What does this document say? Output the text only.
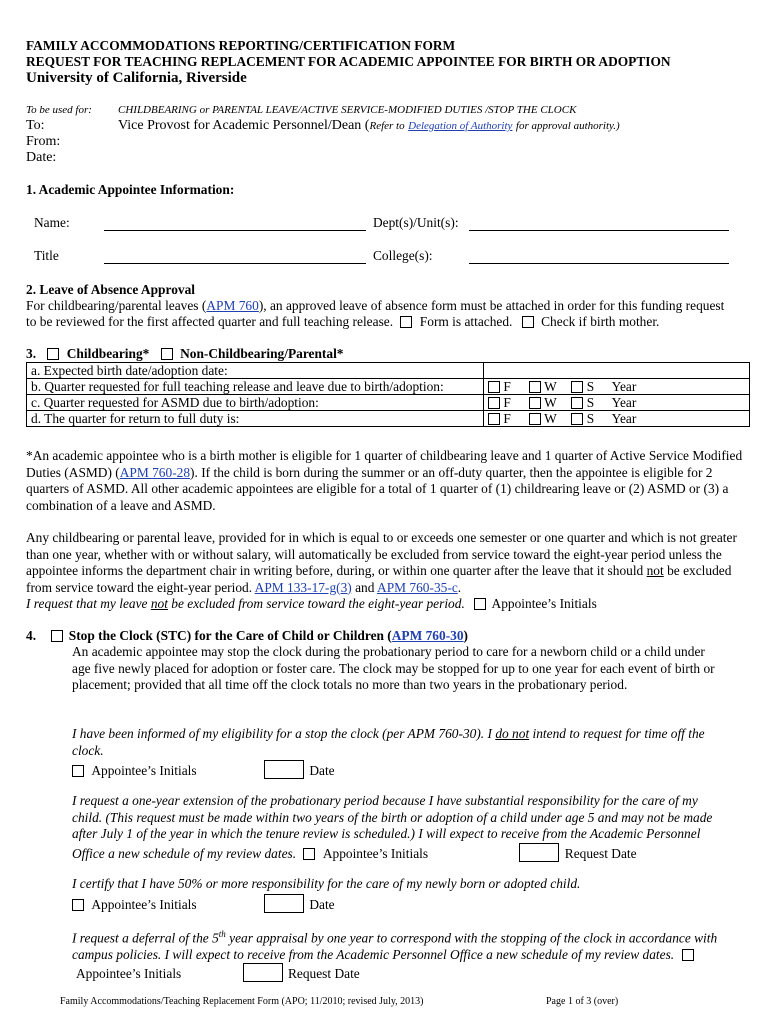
FAMILY ACCOMMODATIONS REPORTING/CERTIFICATION FORM
REQUEST FOR TEACHING REPLACEMENT FOR ACADEMIC APPOINTEE FOR BIRTH OR ADOPTION
University of California, Riverside
To be used for: CHILDBEARING or PARENTAL LEAVE/ACTIVE SERVICE-MODIFIED DUTIES /STOP THE CLOCK
To:	Vice Provost for Academic Personnel/Dean (Refer to Delegation of Authority for approval authority.)
From:
Date:
1. Academic Appointee Information:
Name:	Dept(s)/Unit(s):
Title	College(s):
2. Leave of Absence Approval
For childbearing/parental leaves (APM 760), an approved leave of absence form must be attached in order for this funding request
to be reviewed for the first affected quarter and full teaching release. Form is attached. Check if birth mother.
3. Childbearing* Non-Childbearing/Parental*
a. Expected birth date/adoption date:	
b. Quarter requested for full teaching release and leave due to birth/adoption:	F W S Year
c. Quarter requested for ASMD due to birth/adoption:	F W S Year
d. The quarter for return to full duty is:	F W S Year
*An academic appointee who is a birth mother is eligible for 1 quarter of childbearing leave and 1 quarter of Active Service Modified Duties (ASMD) (APM 760-28). If the child is born during the summer or an off-duty quarter, then the appointee is eligible for 2 quarters of ASMD. All other academic appointees are eligible for a total of 1 quarter of (1) childrearing leave or (2) ASMD or (3) a combination of a leave and ASMD.
Any childbearing or parental leave, provided for in which is equal to or exceeds one semester or one quarter and which is not greater than one year, whether with or without salary, will automatically be excluded from service toward the eight-year period unless the appointee informs the department chair in writing before, during, or within one quarter after the leave that it should not be excluded from service toward the eight-year period. APM 133-17-g(3) and APM 760-35-c.
I request that my leave not be excluded from service toward the eight-year period. Appointee’s Initials
4. Stop the Clock (STC) for the Care of Child or Children (APM 760-30)
An academic appointee may stop the clock during the probationary period to care for a newborn child or a child under age five newly placed for adoption or foster care. The clock may be stopped for up to one year for each event of birth or placement; provided that all time off the clock totals no more than two years in the probationary period.
I have been informed of my eligibility for a stop the clock (per APM 760-30). I do not intend to request for time off the clock.
Appointee’s Initials	Date
I request a one-year extension of the probationary period because I have substantial responsibility for the care of my child. (This request must be made within two years of the birth or adoption of a child under age 5 and may not be made after July 1 of the year in which the tenure review is scheduled.) I will expect to receive from the Academic Personnel Office a new schedule of my review dates. Appointee’s Initials	Request Date
I certify that I have 50% or more responsibility for the care of my newly born or adopted child.
Appointee’s Initials	Date
I request a deferral of the 5th year appraisal by one year to correspond with the stopping of the clock in accordance with campus policies. I will expect to receive from the Academic Personnel Office a new schedule of my review dates.  Appointee’s Initials	Request Date
Family Accommodations/Teaching Replacement Form (APO; 11/2010; revised July, 2013)	Page 1 of 3 (over)
